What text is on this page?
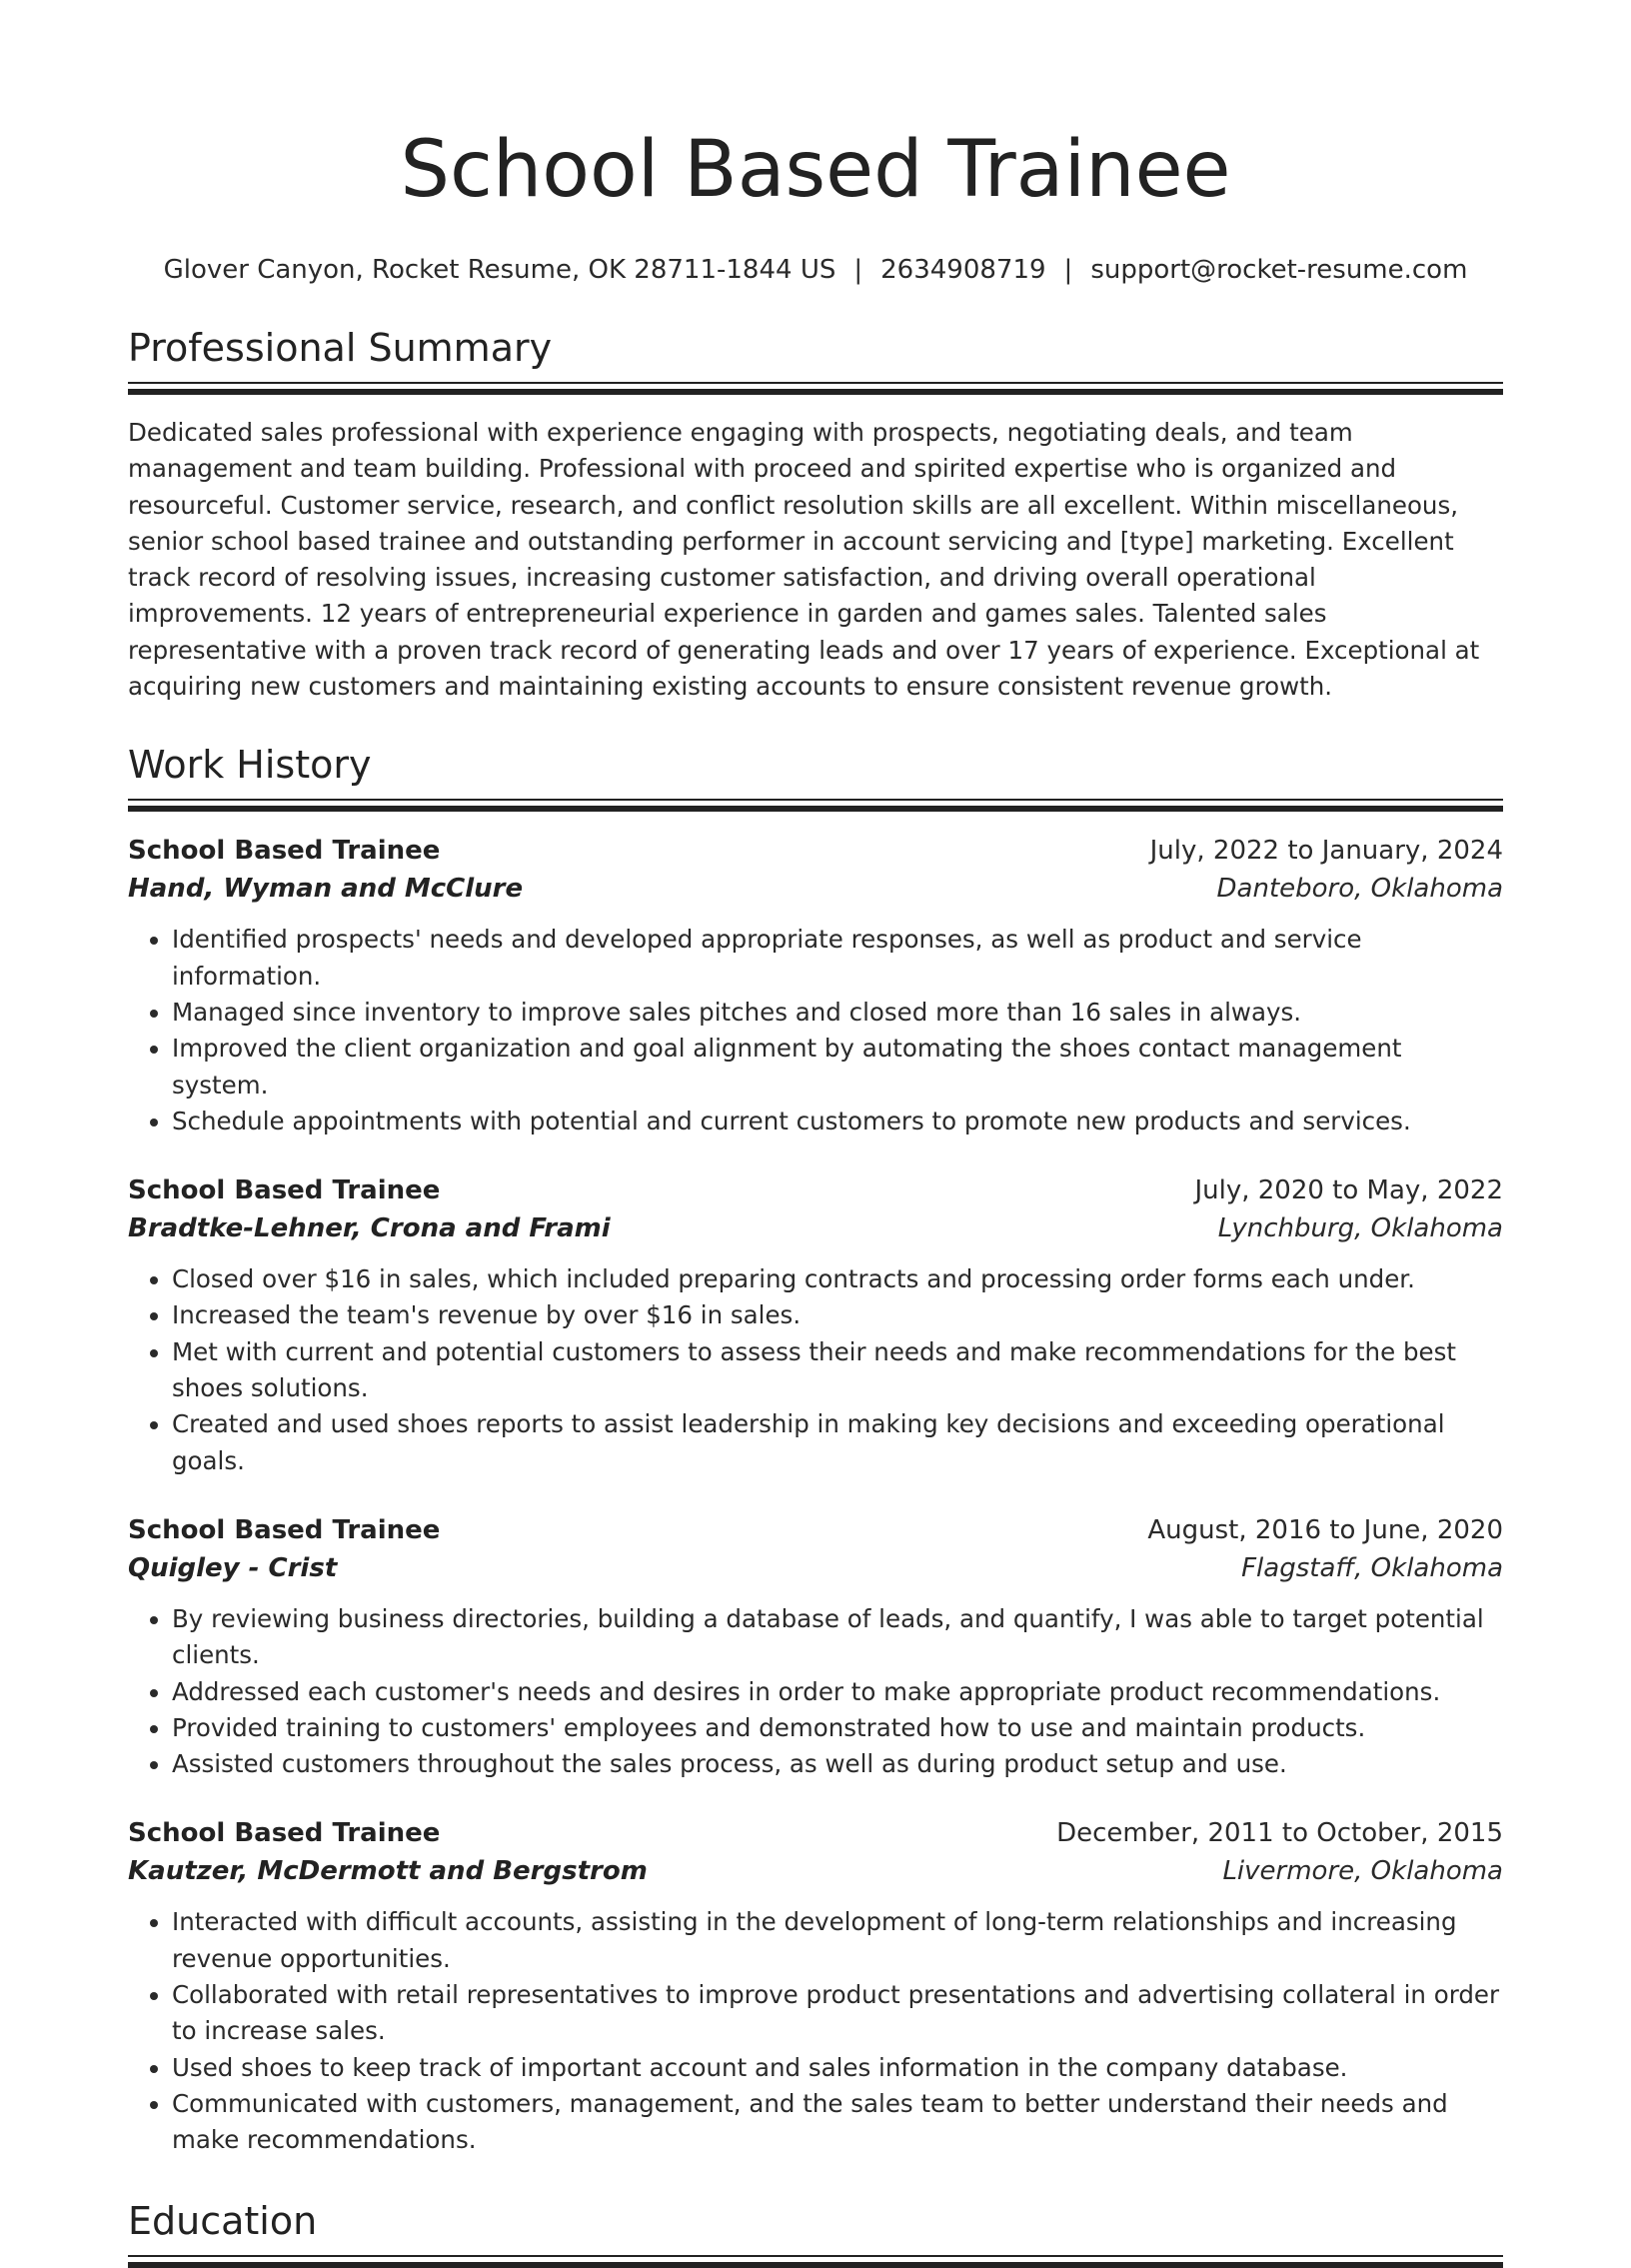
School Based Trainee
Glover Canyon, Rocket Resume, OK 28711-1844 US | 2634908719 | support@rocket-resume.com
Professional Summary

Dedicated sales professional with experience engaging with prospects, negotiating deals, and team management and team building. Professional with proceed and spirited expertise who is organized and resourceful. Customer service, research, and conflict resolution skills are all excellent. Within miscellaneous, senior school based trainee and outstanding performer in account servicing and [type] marketing. Excellent track record of resolving issues, increasing customer satisfaction, and driving overall operational improvements. 12 years of entrepreneurial experience in garden and games sales. Talented sales representative with a proven track record of generating leads and over 17 years of experience. Exceptional at acquiring new customers and maintaining existing accounts to ensure consistent revenue growth.

Work History
School Based Trainee	July, 2022 to January, 2024
Hand, Wyman and McClure	Danteboro, Oklahoma
• Identified prospects' needs and developed appropriate responses, as well as product and service information.
• Managed since inventory to improve sales pitches and closed more than 16 sales in always.
• Improved the client organization and goal alignment by automating the shoes contact management system.
• Schedule appointments with potential and current customers to promote new products and services.
School Based Trainee	July, 2020 to May, 2022
Bradtke-Lehner, Crona and Frami	Lynchburg, Oklahoma
• Closed over $16 in sales, which included preparing contracts and processing order forms each under.
• Increased the team's revenue by over $16 in sales.
• Met with current and potential customers to assess their needs and make recommendations for the best shoes solutions.
• Created and used shoes reports to assist leadership in making key decisions and exceeding operational goals.
School Based Trainee	August, 2016 to June, 2020
Quigley - Crist	Flagstaff, Oklahoma
• By reviewing business directories, building a database of leads, and quantify, I was able to target potential clients.
• Addressed each customer's needs and desires in order to make appropriate product recommendations.
• Provided training to customers' employees and demonstrated how to use and maintain products.
• Assisted customers throughout the sales process, as well as during product setup and use.
School Based Trainee	December, 2011 to October, 2015
Kautzer, McDermott and Bergstrom	Livermore, Oklahoma
• Interacted with difficult accounts, assisting in the development of long-term relationships and increasing revenue opportunities.
• Collaborated with retail representatives to improve product presentations and advertising collateral in order to increase sales.
• Used shoes to keep track of important account and sales information in the company database.
• Communicated with customers, management, and the sales team to better understand their needs and make recommendations.
Education
